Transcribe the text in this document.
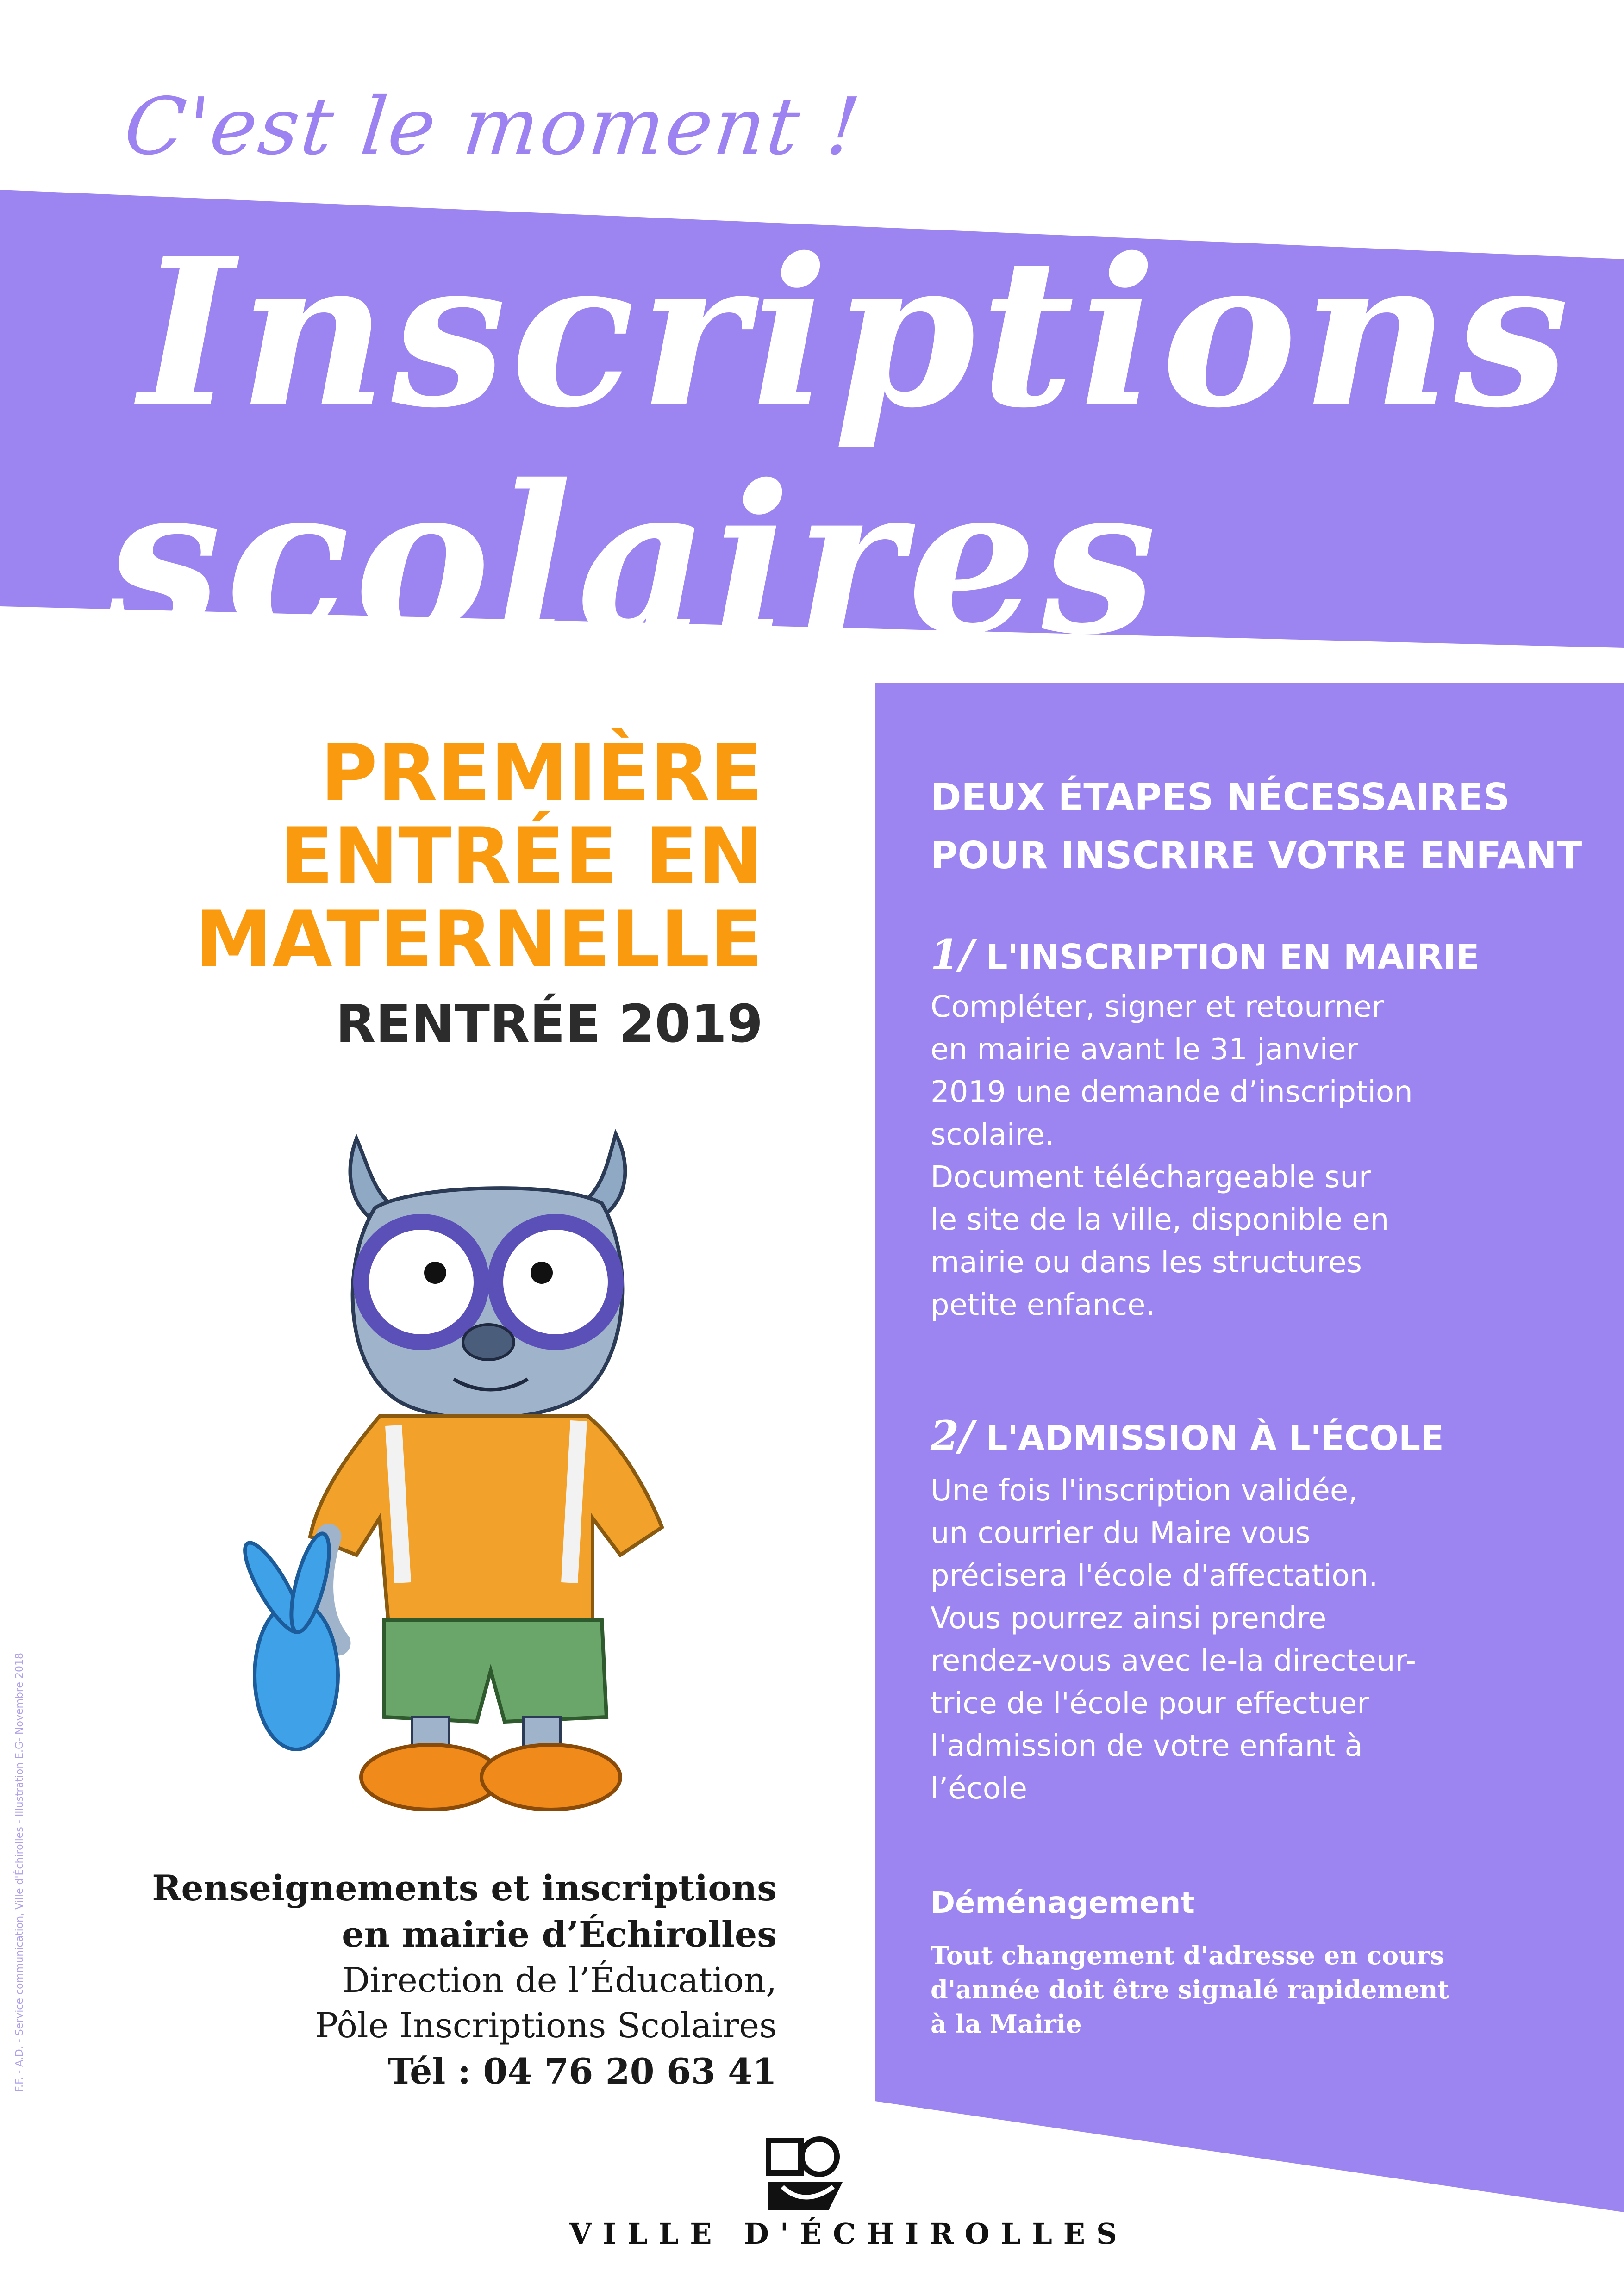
C'est le moment !
Inscriptions
scolaires
PREMIÈRE
ENTRÉE EN
MATERNELLE
RENTRÉE 2019
DEUX ÉTAPES NÉCESSAIRES
POUR INSCRIRE VOTRE ENFANT
1/ L'INSCRIPTION EN MAIRIE
Compléter, signer et retourner
en mairie avant le 31 janvier
2019 une demande d’inscription
scolaire.
Document téléchargeable sur
le site de la ville, disponible en
mairie ou dans les structures
petite enfance.
2/ L'ADMISSION À L'ÉCOLE
Une fois l'inscription validée,
un courrier du Maire vous
précisera l'école d'affectation.
Vous pourrez ainsi prendre
rendez-vous avec le-la directeur-
trice de l'école pour effectuer
l'admission de votre enfant à
l’école
Déménagement
Tout changement d'adresse en cours
d'année doit être signalé rapidement
à la Mairie
Renseignements et inscriptions
en mairie d’Échirolles
Direction de l’Éducation,
Pôle Inscriptions Scolaires
Tél : 04 76 20 63 41
F.F. - A.D. - Service communication, Ville d'Échirolles - Illustration E.G- Novembre 2018
VILLE D'ÉCHIROLLES
